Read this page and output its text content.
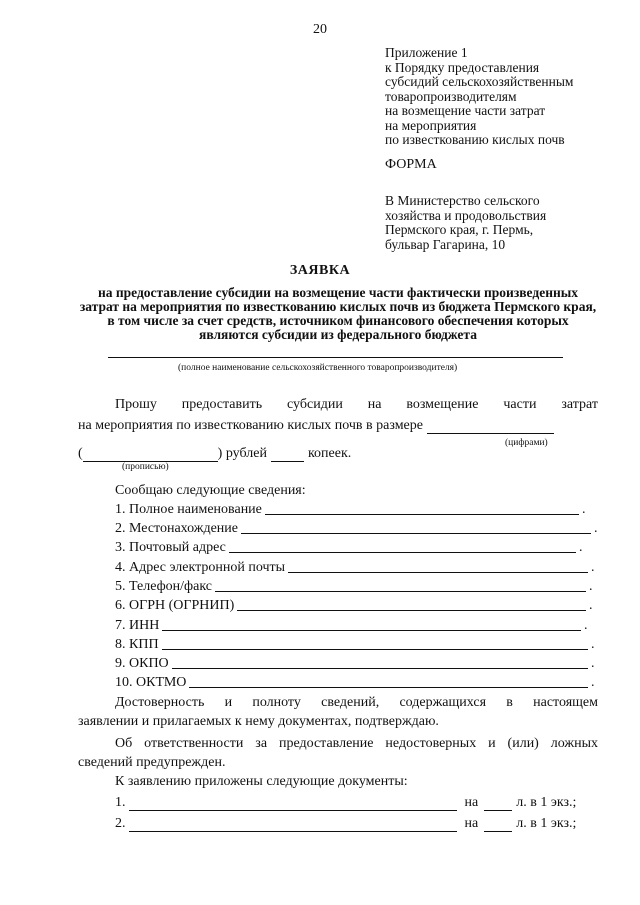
20
Приложение 1
к Порядку предоставления
субсидий сельскохозяйственным
товаропроизводителям
на возмещение части затрат
на мероприятия
по известкованию кислых почв
ФОРМА
В Министерство сельского
хозяйства и продовольствия
Пермского края, г. Пермь,
бульвар Гагарина, 10
ЗАЯВКА
на предоставление субсидии на возмещение части фактически произведенных затрат на мероприятия по известкованию кислых почв из бюджета Пермского края, в том числе за счет средств, источником финансового обеспечения которых являются субсидии из федерального бюджета
(полное наименование сельскохозяйственного товаропроизводителя)
Прошу предоставить субсидии на возмещение части затрат
на мероприятия по известкованию кислых почв в размере
(цифрами)
(	) рублей	копеек.
(прописью)
Сообщаю следующие сведения:
1. Полное наименование	.
2. Местонахождение	.
3. Почтовый адрес	.
4. Адрес электронной почты	.
5. Телефон/факс	.
6. ОГРН (ОГРНИП)	.
7. ИНН	.
8. КПП	.
9. ОКПО	.
10. ОКТМО	.
Достоверность и полноту сведений, содержащихся в настоящем
заявлении и прилагаемых к нему документах, подтверждаю.
Об ответственности за предоставление недостоверных и (или) ложных
сведений предупрежден.
К заявлению приложены следующие документы:
1.	на	л. в 1 экз.;
2.	на	л. в 1 экз.;
